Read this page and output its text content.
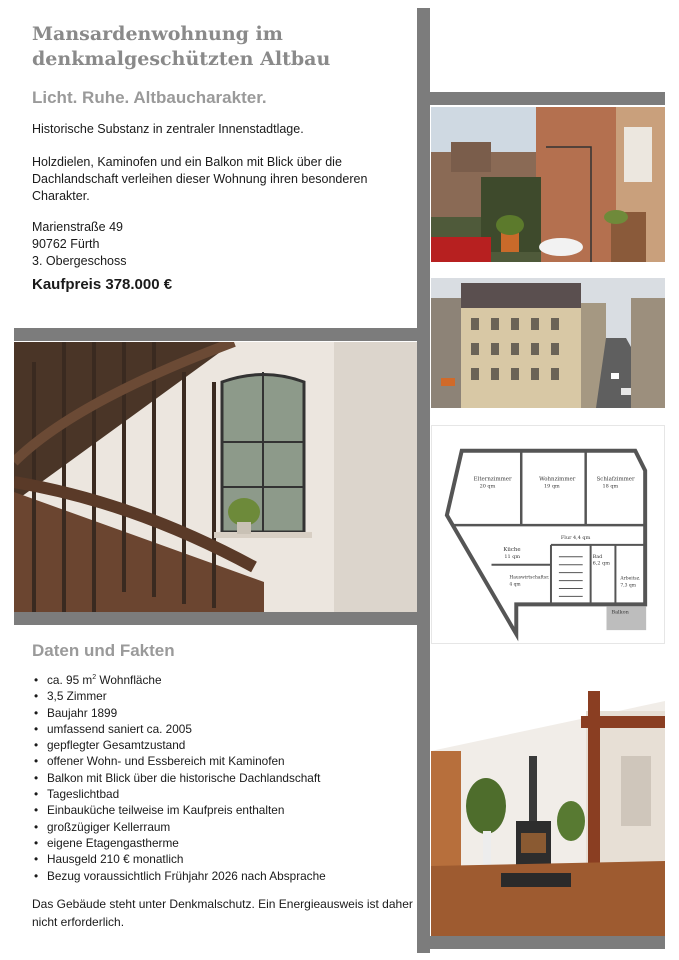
Mansardenwohnung im
denkmalgeschützten Altbau
Licht. Ruhe. Altbaucharakter.

Historische Substanz in zentraler Innenstadtlage.

Holzdielen, Kaminofen und ein Balkon mit Blick über die Dachlandschaft verleihen dieser Wohnung ihren besonderen Charakter.

Marienstraße 49
90762 Fürth
3. Obergeschoss
Kaufpreis 378.000 €
Elternzimmer
20 qm
Wohnzimmer
19 qm
Schlafzimmer
18 qm
Flur 4,4 qm
Küche
11 qm
Hauswirtschaftsr.
4 qm
Bad
6,2 qm
Arbeitsz.
7,3 qm
Balkon
Daten und Fakten
• ca. 95 $m^2$ Wohnfläche
• 3,5 Zimmer
• Baujahr 1899
• umfassend saniert ca. 2005
• gepflegter Gesamtzustand
• offener Wohn- und Essbereich mit Kaminofen
• Balkon mit Blick über die historische Dachlandschaft
• Tageslichtbad
• Einbauküche teilweise im Kaufpreis enthalten
• großzügiger Kellerraum
• eigene Etagengastherme
• Hausgeld 210 € monatlich
• Bezug voraussichtlich Frühjahr 2026 nach Absprache
Das Gebäude steht unter Denkmalschutz. Ein Energieausweis ist daher nicht erforderlich.
